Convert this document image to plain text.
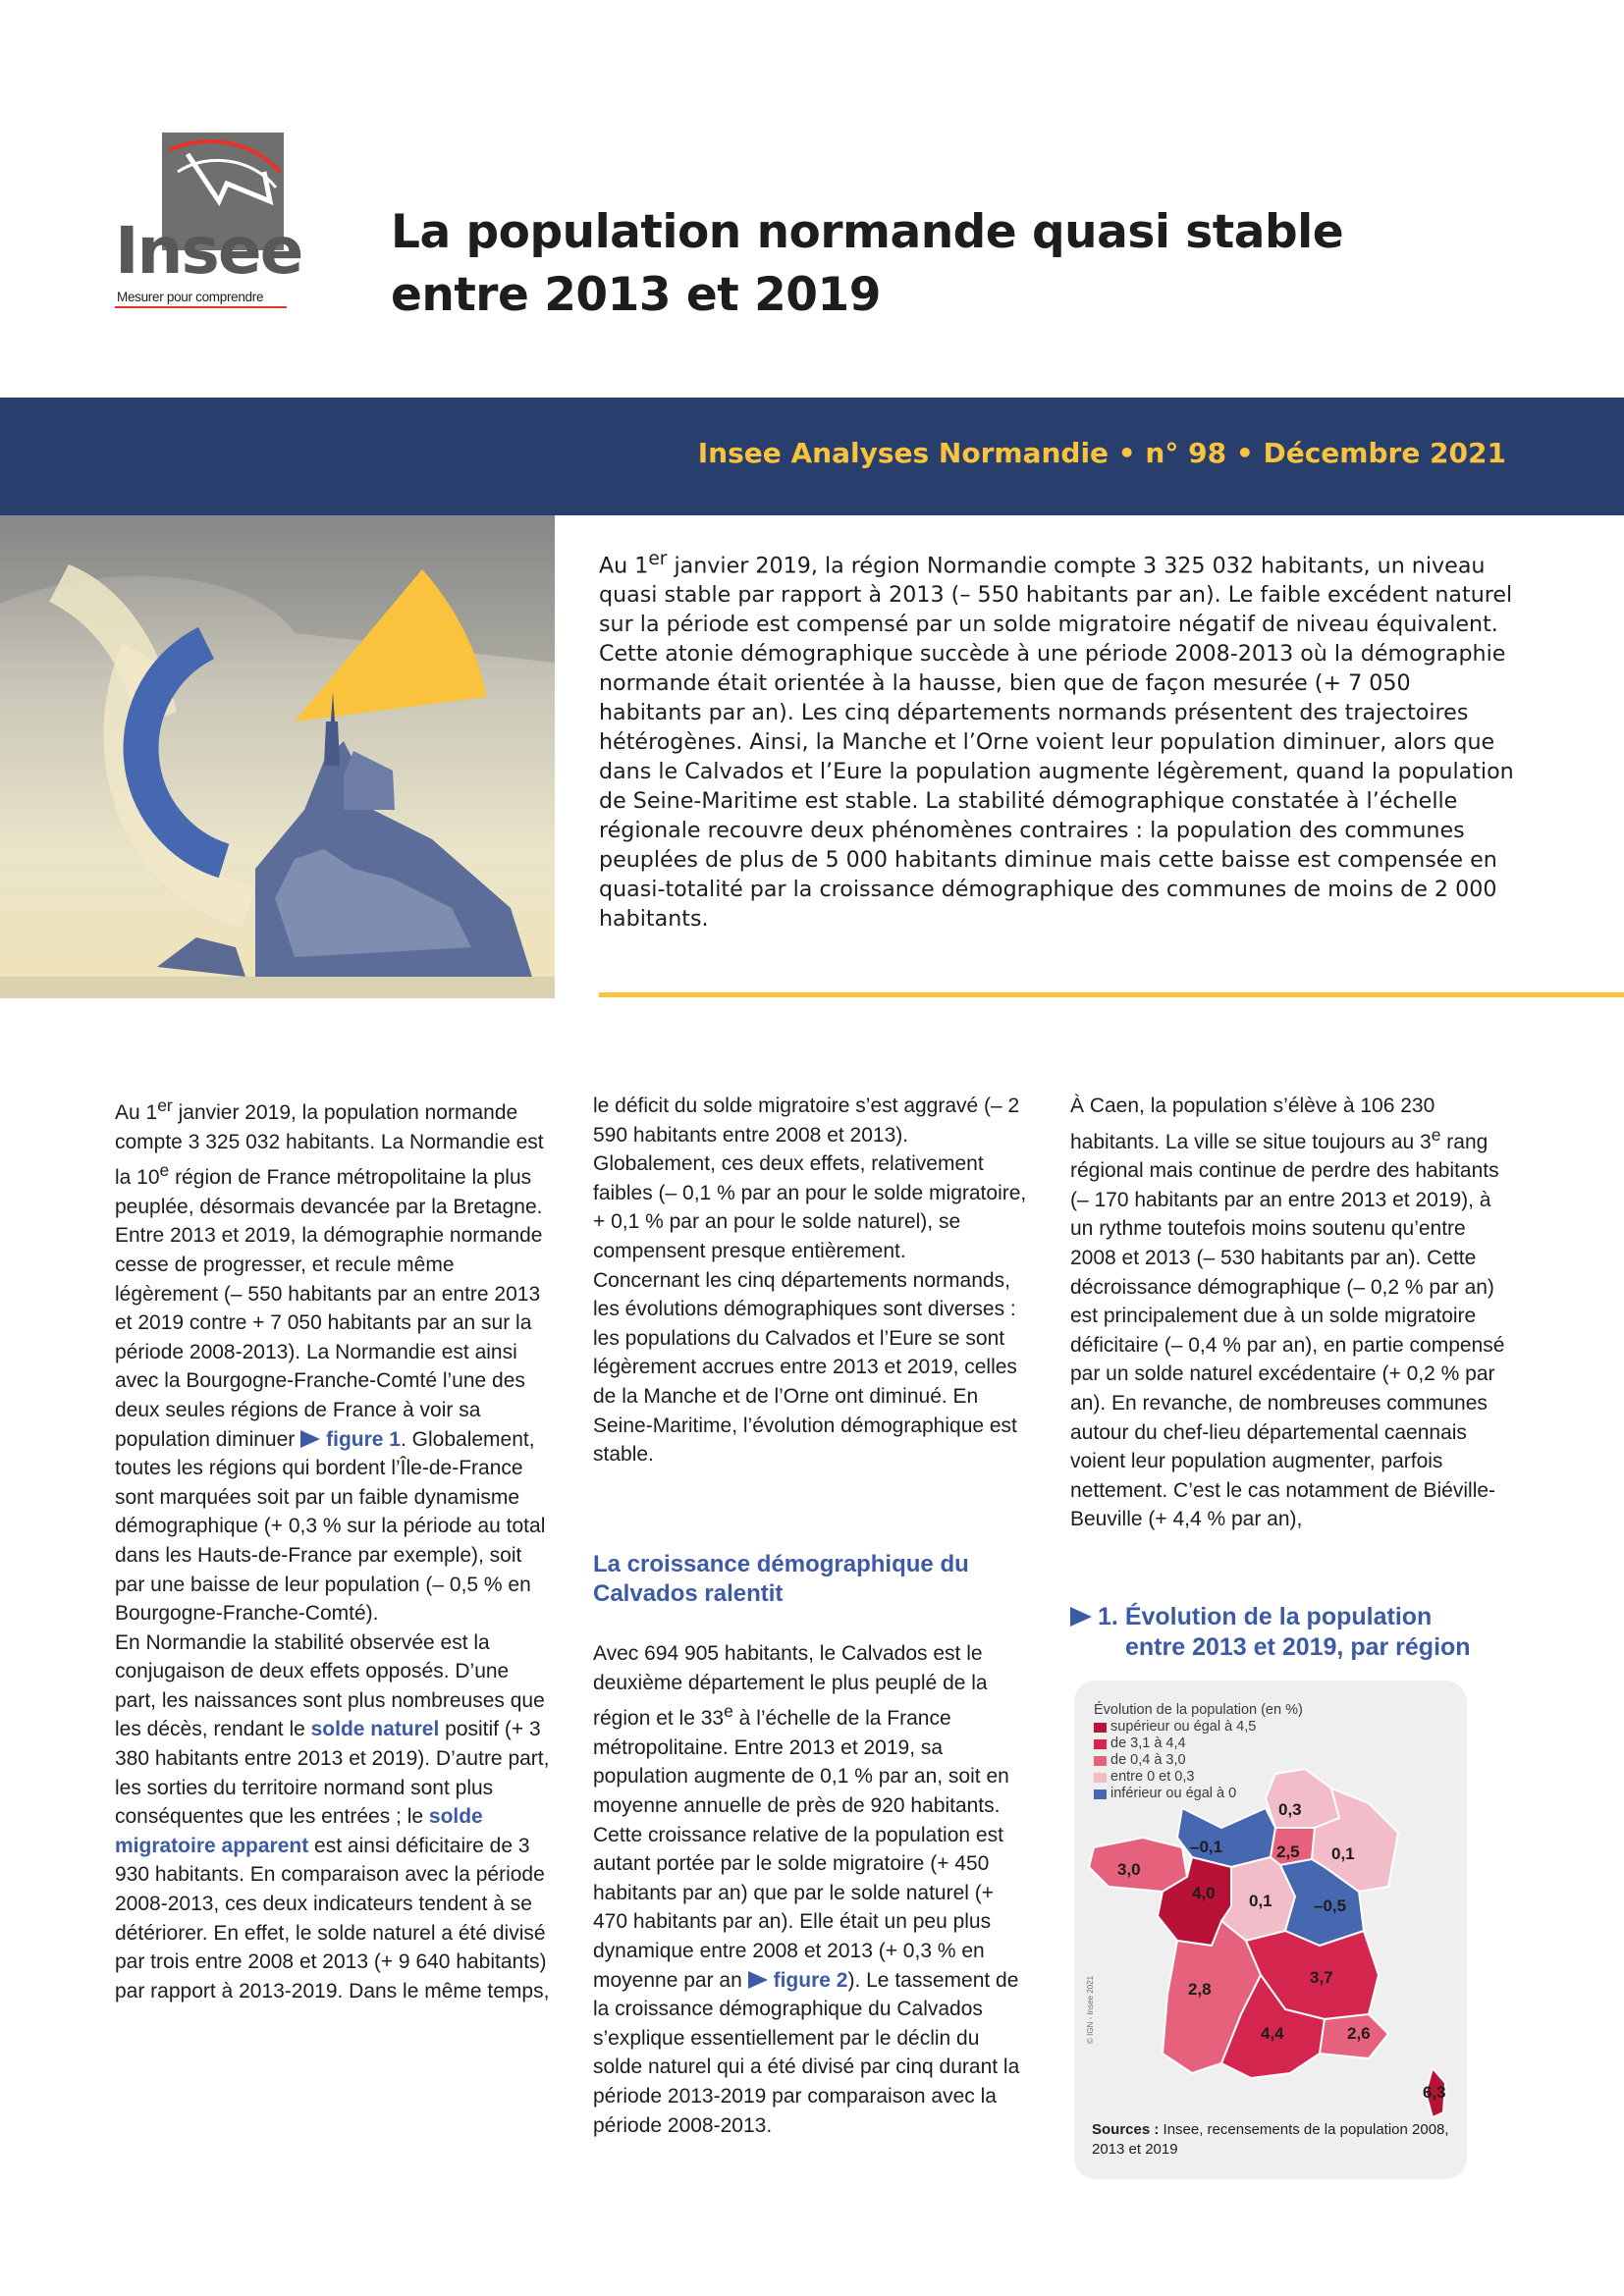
Insee
Mesurer pour comprendre
La population normande quasi stable
entre 2013 et 2019
Insee Analyses Normandie • n° 98 • Décembre 2021
Au 1er janvier 2019, la région Normandie compte 3 325 032 habitants, un niveau quasi stable par rapport à 2013 (– 550 habitants par an). Le faible excédent naturel sur la période est compensé par un solde migratoire négatif de niveau équivalent. Cette atonie démographique succède à une période 2008-2013 où la démographie normande était orientée à la hausse, bien que de façon mesurée (+ 7 050 habitants par an). Les cinq départements normands présentent des trajectoires hétérogènes. Ainsi, la Manche et l’Orne voient leur population diminuer, alors que dans le Calvados et l’Eure la population augmente légèrement, quand la population de Seine-Maritime est stable. La stabilité démographique constatée à l’échelle régionale recouvre deux phénomènes contraires : la population des communes peuplées de plus de 5 000 habitants diminue mais cette baisse est compensée en quasi-totalité par la croissance démographique des communes de moins de 2 000 habitants.

Au 1er janvier 2019, la population normande compte 3 325 032 habitants. La Normandie est la 10e région de France métropolitaine la plus peuplée, désormais devancée par la Bretagne. Entre 2013 et 2019, la démographie normande cesse de progresser, et recule même légèrement (– 550 habitants par an entre 2013 et 2019 contre + 7 050 habitants par an sur la période 2008-2013). La Normandie est ainsi avec la Bourgogne-Franche-Comté l’une des deux seules régions de France à voir sa population diminuer figure 1. Globalement, toutes les régions qui bordent l’Île-de-France sont marquées soit par un faible dynamisme démographique (+ 0,3 % sur la période au total dans les Hauts-de-France par exemple), soit par une baisse de leur population (– 0,5 % en Bourgogne-Franche-Comté).

En Normandie la stabilité observée est la conjugaison de deux effets opposés. D’une part, les naissances sont plus nombreuses que les décès, rendant le solde naturel positif (+ 3 380 habitants entre 2013 et 2019). D’autre part, les sorties du territoire normand sont plus conséquentes que les entrées ; le solde migratoire apparent est ainsi déficitaire de 3 930 habitants. En comparaison avec la période 2008-2013, ces deux indicateurs tendent à se détériorer. En effet, le solde naturel a été divisé par trois entre 2008 et 2013 (+ 9 640 habitants) par rapport à 2013-2019. Dans le même temps,

le déficit du solde migratoire s’est aggravé (– 2 590 habitants entre 2008 et 2013). Globalement, ces deux effets, relativement faibles (– 0,1 % par an pour le solde migratoire, + 0,1 % par an pour le solde naturel), se compensent presque entièrement.

Concernant les cinq départements normands, les évolutions démographiques sont diverses : les populations du Calvados et l’Eure se sont légèrement accrues entre 2013 et 2019, celles de la Manche et de l’Orne ont diminué. En Seine-Maritime, l’évolution démographique est stable.

La croissance démographique du Calvados ralentit

Avec 694 905 habitants, le Calvados est le deuxième département le plus peuplé de la région et le 33e à l’échelle de la France métropolitaine. Entre 2013 et 2019, sa population augmente de 0,1 % par an, soit en moyenne annuelle de près de 920 habitants. Cette croissance relative de la population est autant portée par le solde migratoire (+ 450 habitants par an) que par le solde naturel (+ 470 habitants par an). Elle était un peu plus dynamique entre 2008 et 2013 (+ 0,3 % en moyenne par an figure 2). Le tassement de la croissance démographique du Calvados s’explique essentiellement par le déclin du solde naturel qui a été divisé par cinq durant la période 2013-2019 par comparaison avec la période 2008-2013.

À Caen, la population s’élève à 106 230 habitants. La ville se situe toujours au 3e rang régional mais continue de perdre des habitants (– 170 habitants par an entre 2013 et 2019), à un rythme toutefois moins soutenu qu’entre 2008 et 2013 (– 530 habitants par an). Cette décroissance démographique (– 0,2 % par an) est principalement due à un solde migratoire déficitaire (– 0,4 % par an), en partie compensé par un solde naturel excédentaire (+ 0,2 % par an). En revanche, de nombreuses communes autour du chef-lieu départemental caennais voient leur population augmenter, parfois nettement. C’est le cas notamment de Biéville-Beuville (+ 4,4 % par an),

1. Évolution de la population
entre 2013 et 2019, par région
0,3
–0,1	2,5 0,1
3,0
4,0 0,1 –0,5
2,8
3,7
4,4	2,6
6,3
Évolution de la population (en %)
supérieur ou égal à 4,5
de 3,1 à 4,4
de 0,4 à 3,0
entre 0 et 0,3
inférieur ou égal à 0
© IGN - Insee 2021
Sources : Insee, recensements de la population 2008, 2013 et 2019
